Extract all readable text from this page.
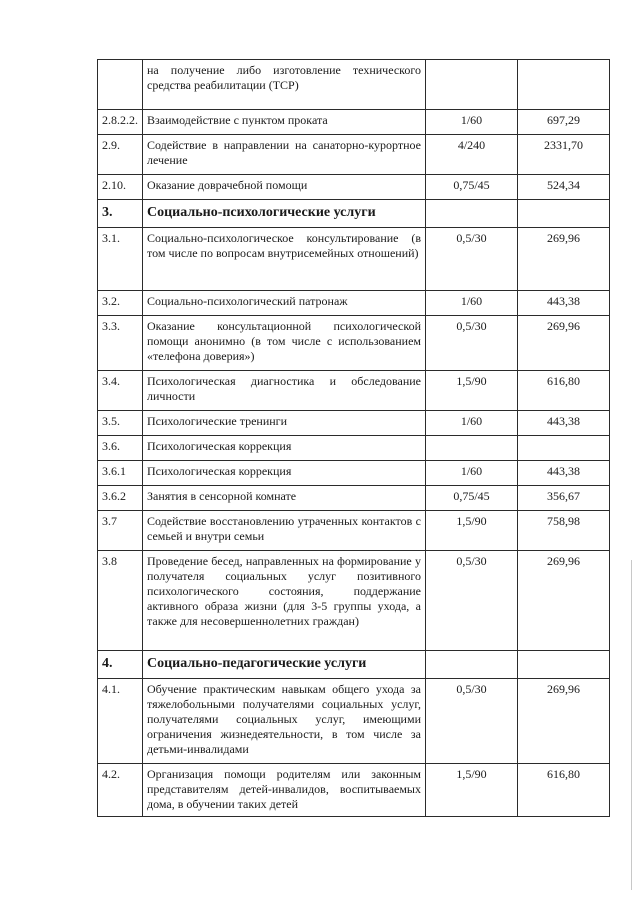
	на получение либо изготовление технического средства реабилитации (ТСР)		
2.8.2.2.	Взаимодействие с пунктом проката	1/60	697,29
2.9.	Содействие в направлении на санаторно-курортное лечение	4/240	2331,70
2.10.	Оказание доврачебной помощи	0,75/45	524,34
3.	Социально-психологические услуги		
3.1.	Социально-психологическое консультирование (в том числе по вопросам внутрисемейных отношений)	0,5/30	269,96
3.2.	Социально-психологический патронаж	1/60	443,38
3.3.	Оказание консультационной психологической помощи анонимно (в том числе с использованием «телефона доверия»)	0,5/30	269,96
3.4.	Психологическая диагностика и обследование личности	1,5/90	616,80
3.5.	Психологические тренинги	1/60	443,38
3.6.	Психологическая коррекция		
3.6.1	Психологическая коррекция	1/60	443,38
3.6.2	Занятия в сенсорной комнате	0,75/45	356,67
3.7	Содействие восстановлению утраченных контактов с семьей и внутри семьи	1,5/90	758,98
3.8	Проведение бесед, направленных на формирование у получателя социальных услуг позитивного психологического состояния, поддержание активного образа жизни (для 3-5 группы ухода, а также для несовершеннолетних граждан)	0,5/30	269,96
4.	Социально-педагогические услуги		
4.1.	Обучение практическим навыкам общего ухода за тяжелобольными получателями социальных услуг, получателями социальных услуг, имеющими ограничения жизнедеятельности, в том числе за детьми-инвалидами	0,5/30	269,96
4.2.	Организация помощи родителям или законным представителям детей-инвалидов, воспитываемых дома, в обучении таких детей	1,5/90	616,80
